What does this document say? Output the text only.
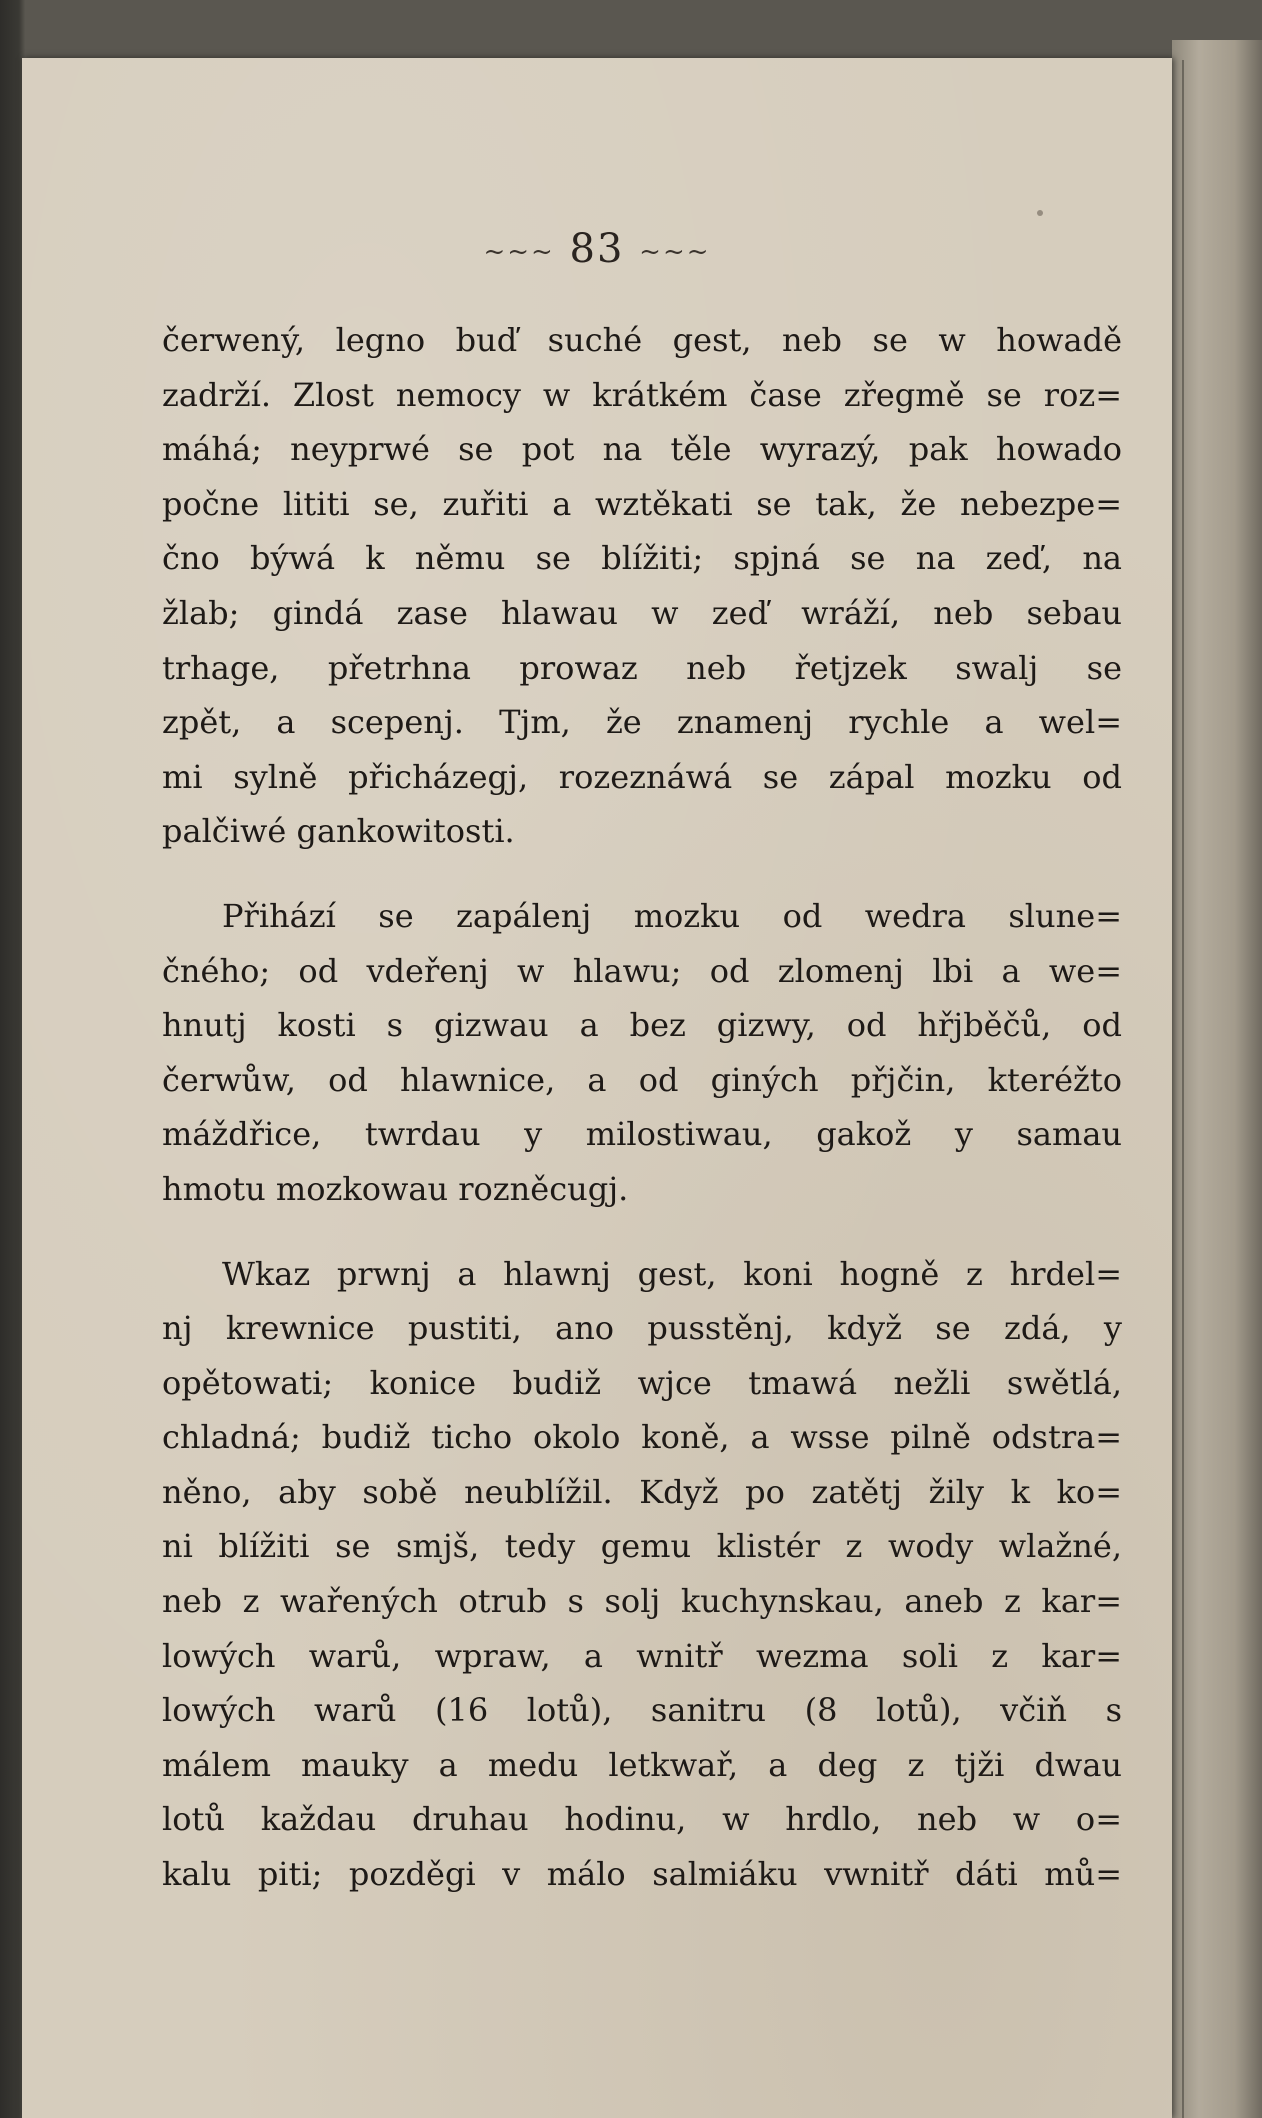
~~~ 83 ~~~
čerwený, legno buď suché gest, neb se w howadě
zadrží. Zlost nemocy w krátkém čase zřegmě se roz=
máhá; neyprwé se pot na těle wyrazý, pak howado
počne lititi se, zuřiti a wztěkati se tak, že nebezpe=
čno býwá k němu se blížiti; spjná se na zeď, na
žlab; gindá zase hlawau w zeď wráží, neb sebau
trhage, přetrhna prowaz neb řetjzek swalj se
zpět, a scepenj. Tjm, že znamenj rychle a wel=
mi sylně přicházegj, rozeznáwá se zápal mozku od
palčiwé gankowitosti.
Přihází se zapálenj mozku od wedra slune=
čného; od vdeřenj w hlawu; od zlomenj lbi a we=
hnutj kosti s gizwau a bez gizwy, od hřjběčů, od
čerwůw, od hlawnice, a od giných přjčin, kteréžto
máždřice, twrdau y milostiwau, gakož y samau
hmotu mozkowau rozněcugj.
Wkaz prwnj a hlawnj gest, koni hogně z hrdel=
nj krewnice pustiti, ano pusstěnj, když se zdá, y
opětowati; konice budiž wjce tmawá nežli swětlá,
chladná; budiž ticho okolo koně, a wsse pilně odstra=
něno, aby sobě neublížil. Když po zatětj žily k ko=
ni blížiti se smjš, tedy gemu klistér z wody wlažné,
neb z wařených otrub s solj kuchynskau, aneb z kar=
lowých warů, wpraw, a wnitř wezma soli z kar=
lowých warů (16 lotů), sanitru (8 lotů), včiň s
málem mauky a medu letkwař, a deg z tjži dwau
lotů každau druhau hodinu, w hrdlo, neb w o=
kalu piti; pozděgi v málo salmiáku vwnitř dáti mů=
